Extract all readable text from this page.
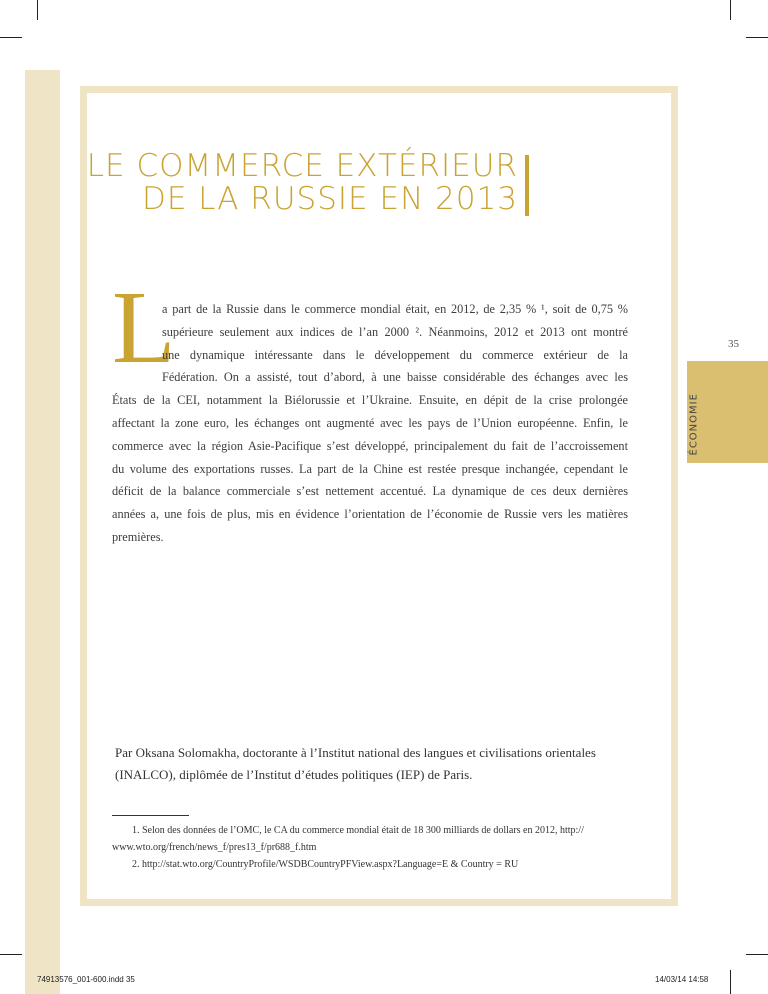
LE COMMERCE EXTÉRIEUR
DE LA RUSSIE EN 2013
L
a part de la Russie dans le commerce mondial était, en 2012, de 2,35 % ¹, soit de 0,75 %
supérieure seulement aux indices de l’an 2000 ². Néanmoins, 2012 et 2013 ont montré
une dynamique intéressante dans le développement du commerce extérieur de la
Fédération. On a assisté, tout d’abord, à une baisse considérable des échanges avec les
États de la CEI, notamment la Biélorussie et l’Ukraine. Ensuite, en dépit de la crise prolongée
affectant la zone euro, les échanges ont augmenté avec les pays de l’Union européenne. Enfin, le
commerce avec la région Asie-Pacifique s’est développé, principalement du fait de l’accroissement
du volume des exportations russes. La part de la Chine est restée presque inchangée, cependant le
déficit de la balance commerciale s’est nettement accentué. La dynamique de ces deux dernières
années a, une fois de plus, mis en évidence l’orientation de l’économie de Russie vers les matières
premières.
35
ÉCONOMIE
Par Oksana Solomakha, doctorante à l’Institut national des langues et civilisations orientales
(INALCO), diplômée de l’Institut d’études politiques (IEP) de Paris.
1. Selon des données de l’OMC, le CA du commerce mondial était de 18 300 milliards de dollars en 2012, http://
www.wto.org/french/news_f/pres13_f/pr688_f.htm
2. http://stat.wto.org/CountryProfile/WSDBCountryPFView.aspx?Language=E & Country = RU
74913576_001-600.indd 35	14/03/14 14:58
